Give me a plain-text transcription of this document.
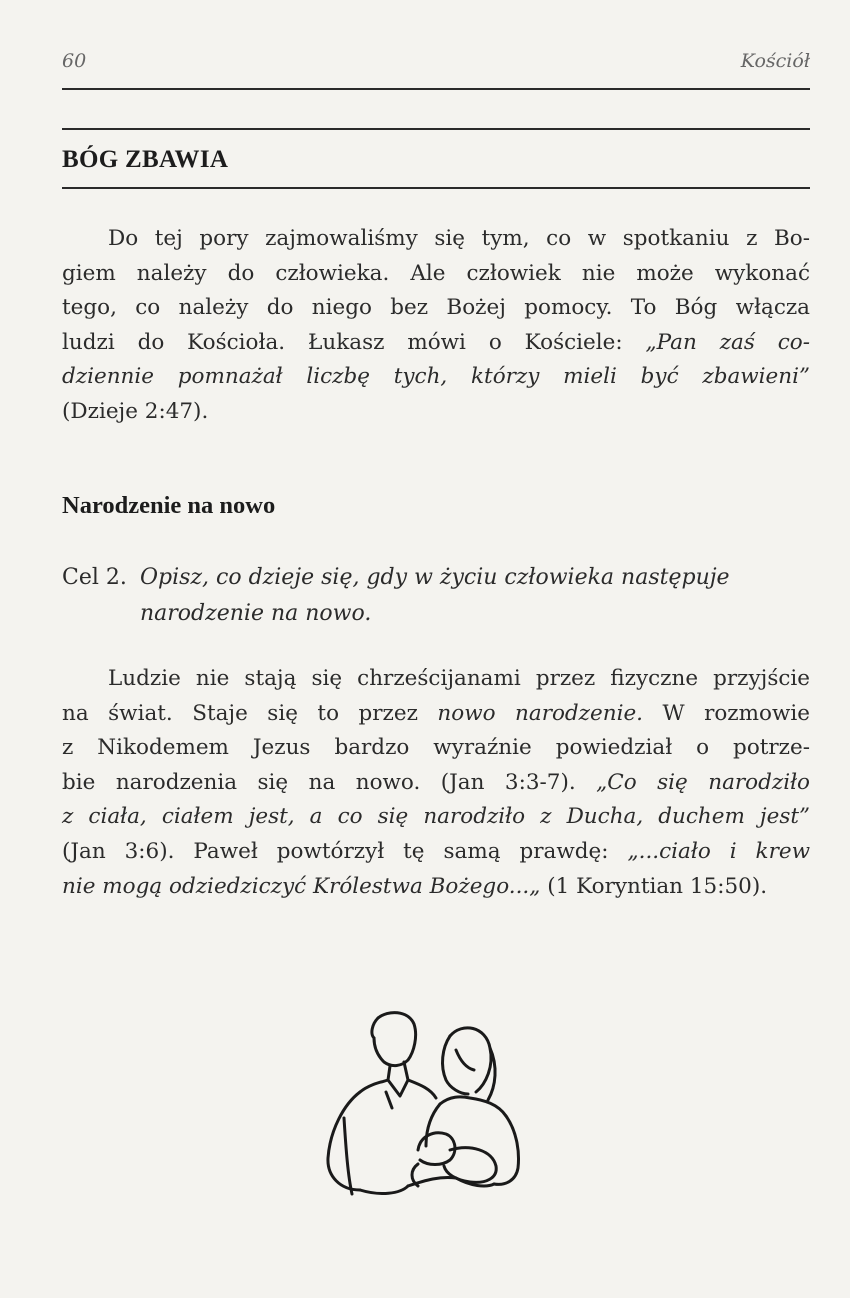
60	Kościół
BÓG ZBAWIA
Do tej pory zajmowaliśmy się tym, co w spotkaniu z Bo-
giem należy do człowieka. Ale człowiek nie może wykonać
tego, co należy do niego bez Bożej pomocy. To Bóg włącza
ludzi do Kościoła. Łukasz mówi o Kościele: „Pan zaś co-
dziennie pomnażał liczbę tych, którzy mieli być zbawieni”
(Dzieje 2:47).
Narodzenie na nowo
Cel 2. Opisz, co dzieje się, gdy w życiu człowieka następuje
narodzenie na nowo.
Ludzie nie stają się chrześcijanami przez fizyczne przyjście
na świat. Staje się to przez nowo narodzenie. W rozmowie
z Nikodemem Jezus bardzo wyraźnie powiedział o potrze-
bie narodzenia się na nowo. (Jan 3:3-7). „Co się narodziło
z ciała, ciałem jest, a co się narodziło z Ducha, duchem jest”
(Jan 3:6). Paweł powtórzył tę samą prawdę: „...ciało i krew
nie mogą odziedziczyć Królestwa Bożego...„ (1 Koryntian 15:50).
